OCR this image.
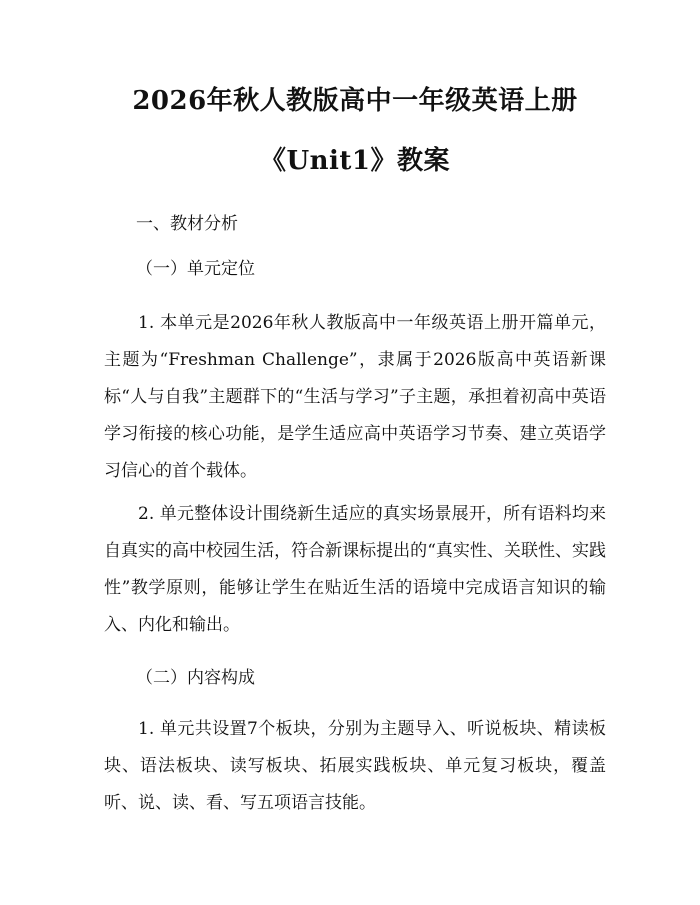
2026年秋人教版高中一年级英语上册
《Unit1》教案
一、教材分析
（一）单元定位

1. 本单元是2026年秋人教版高中一年级英语上册开篇单元，主题为“Freshman Challenge”，隶属于2026版高中英语新课标“人与自我”主题群下的“生活与学习”子主题，承担着初高中英语学习衔接的核心功能，是学生适应高中英语学习节奏、建立英语学习信心的首个载体。

2. 单元整体设计围绕新生适应的真实场景展开，所有语料均来自真实的高中校园生活，符合新课标提出的“真实性、关联性、实践性”教学原则，能够让学生在贴近生活的语境中完成语言知识的输入、内化和输出。

（二）内容构成

1. 单元共设置7个板块，分别为主题导入、听说板块、精读板块、语法板块、读写板块、拓展实践板块、单元复习板块，覆盖听、说、读、看、写五项语言技能。
